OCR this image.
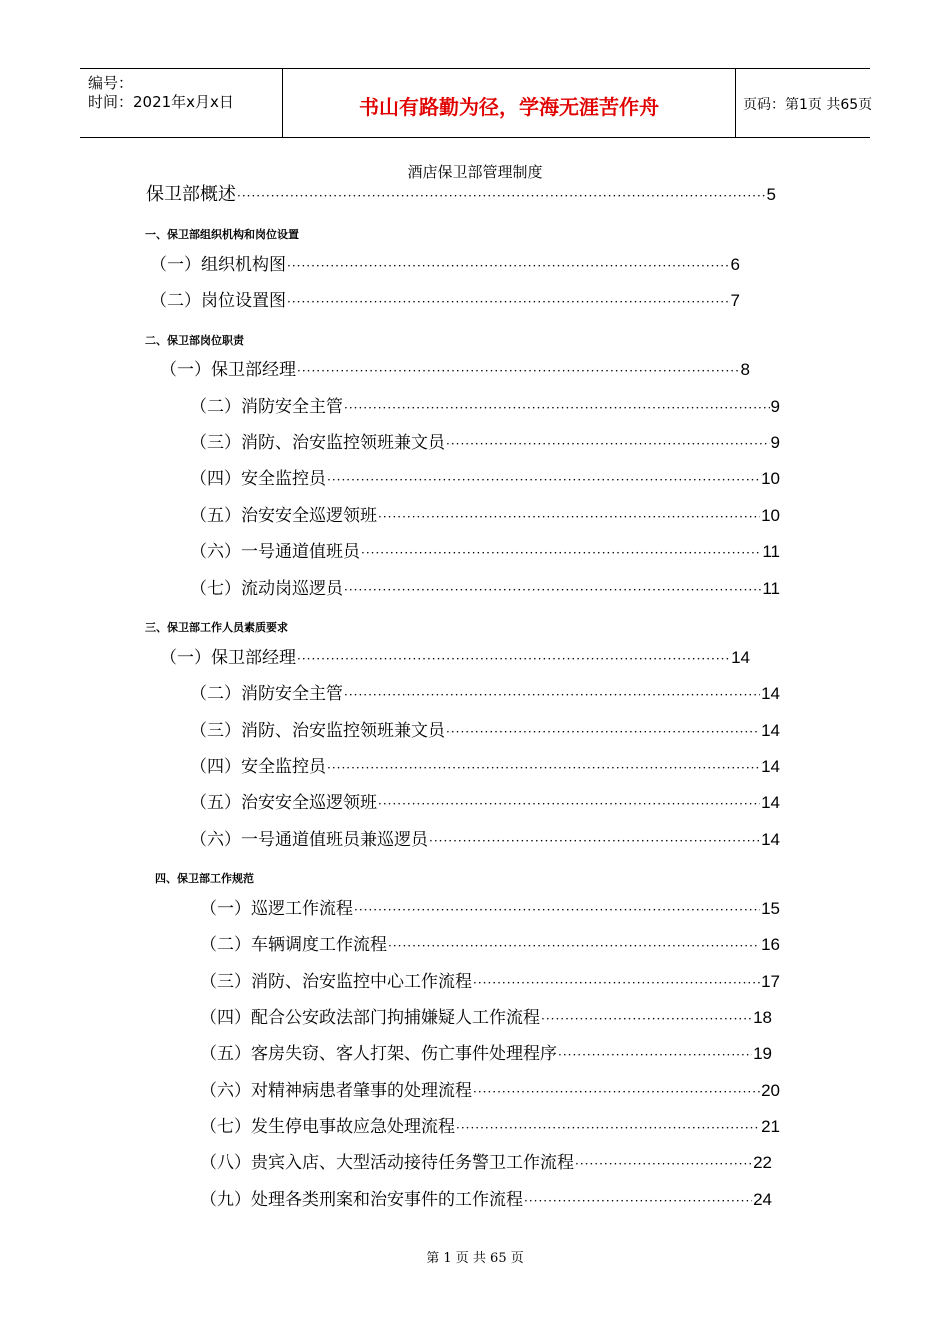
编号：
时间：2021年x月x日	书山有路勤为径，学海无涯苦作舟	页码：第1页 共65页
酒店保卫部管理制度
保卫部概述 ·····	5
一、保卫部组织机构和岗位设置
（一）组织机构图 ·····	6
（二）岗位设置图 ·····	7
二、保卫部岗位职责
（一）保卫部经理 ·····	8
（二）消防安全主管 ·····	9
（三）消防、治安监控领班兼文员 ·····	9
（四）安全监控员 ·····	10
（五）治安安全巡逻领班 ·····	10
（六）一号通道值班员 ·····	11
（七）流动岗巡逻员 ·····	11
三、保卫部工作人员素质要求
（一）保卫部经理 ·····	14
（二）消防安全主管 ·····	14
（三）消防、治安监控领班兼文员 ·····	14
（四）安全监控员 ·····	14
（五）治安安全巡逻领班 ·····	14
（六）一号通道值班员兼巡逻员 ·····	14
四、保卫部工作规范
（一）巡逻工作流程 ·····	15
（二）车辆调度工作流程 ·····	16
（三）消防、治安监控中心工作流程 ·····	17
（四）配合公安政法部门拘捕嫌疑人工作流程 ·····	18
（五）客房失窃、客人打架、伤亡事件处理程序 ·····	19
（六）对精神病患者肇事的处理流程 ·····	20
（七）发生停电事故应急处理流程 ·····	21
（八）贵宾入店、大型活动接待任务警卫工作流程 ·····	22
（九）处理各类刑案和治安事件的工作流程 ·····	24
第 1 页 共 65 页
